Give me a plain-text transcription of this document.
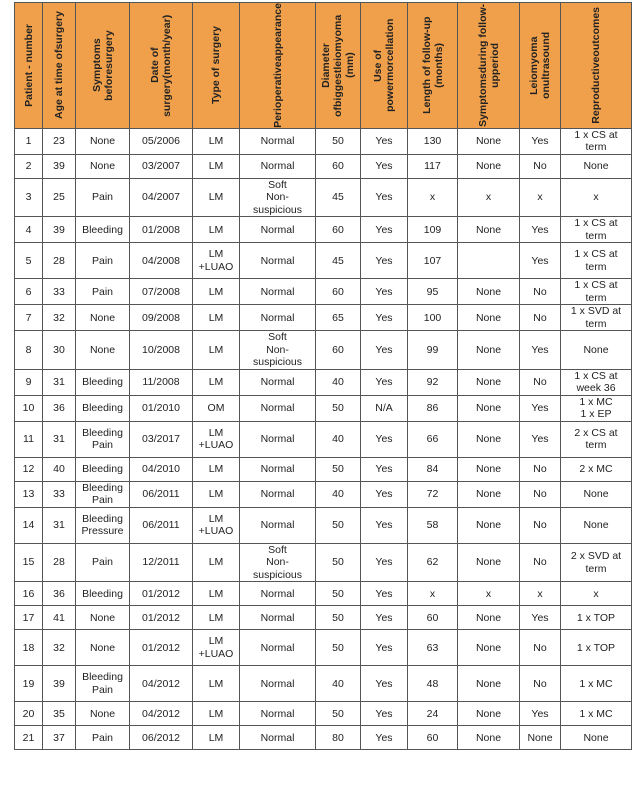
Patient - number	Age at time ofsurgery	Symptoms beforesurgery	Date of surgery(month/year)	Type of surgery	Perioperativeappearance	Diameter ofbiggestleiomyoma (mm)	Use of powermorcellation	Length of follow-up (months)	Symptomsduring follow-upperiod	Leiomyoma onultrasound	Reproductiveoutcomes

1	23	None	05/2006	LM	Normal	50	Yes	130	None	Yes	1 x CS at term

2	39	None	03/2007	LM	Normal	60	Yes	117	None	No	None

3	25	Pain	04/2007	LM	Soft
Non-
suspicious	45	Yes	x	x	x	x

4	39	Bleeding	01/2008	LM	Normal	60	Yes	109	None	Yes	1 x CS at term

5	28	Pain	04/2008	LM
+LUAO	Normal	45	Yes	107		Yes	1 x CS at term

6	33	Pain	07/2008	LM	Normal	60	Yes	95	None	No	1 x CS at term

7	32	None	09/2008	LM	Normal	65	Yes	100	None	No	1 x SVD at term

8	30	None	10/2008	LM	Soft
Non-
suspicious	60	Yes	99	None	Yes	None

9	31	Bleeding	11/2008	LM	Normal	40	Yes	92	None	No	1 x CS at week 36

10	36	Bleeding	01/2010	OM	Normal	50	N/A	86	None	Yes	1 x MC
1 x EP

11	31	Bleeding
Pain	03/2017	LM
+LUAO	Normal	40	Yes	66	None	Yes	2 x CS at term

12	40	Bleeding	04/2010	LM	Normal	50	Yes	84	None	No	2 x MC

13	33	Bleeding
Pain	06/2011	LM	Normal	40	Yes	72	None	No	None

14	31	Bleeding
Pressure	06/2011	LM
+LUAO	Normal	50	Yes	58	None	No	None

15	28	Pain	12/2011	LM	Soft
Non-
suspicious	50	Yes	62	None	No	2 x SVD at term

16	36	Bleeding	01/2012	LM	Normal	50	Yes	x	x	x	x

17	41	None	01/2012	LM	Normal	50	Yes	60	None	Yes	1 x TOP

18	32	None	01/2012	LM
+LUAO	Normal	50	Yes	63	None	No	1 x TOP

19	39	Bleeding
Pain	04/2012	LM	Normal	40	Yes	48	None	No	1 x MC

20	35	None	04/2012	LM	Normal	50	Yes	24	None	Yes	1 x MC

21	37	Pain	06/2012	LM	Normal	80	Yes	60	None	None	None
